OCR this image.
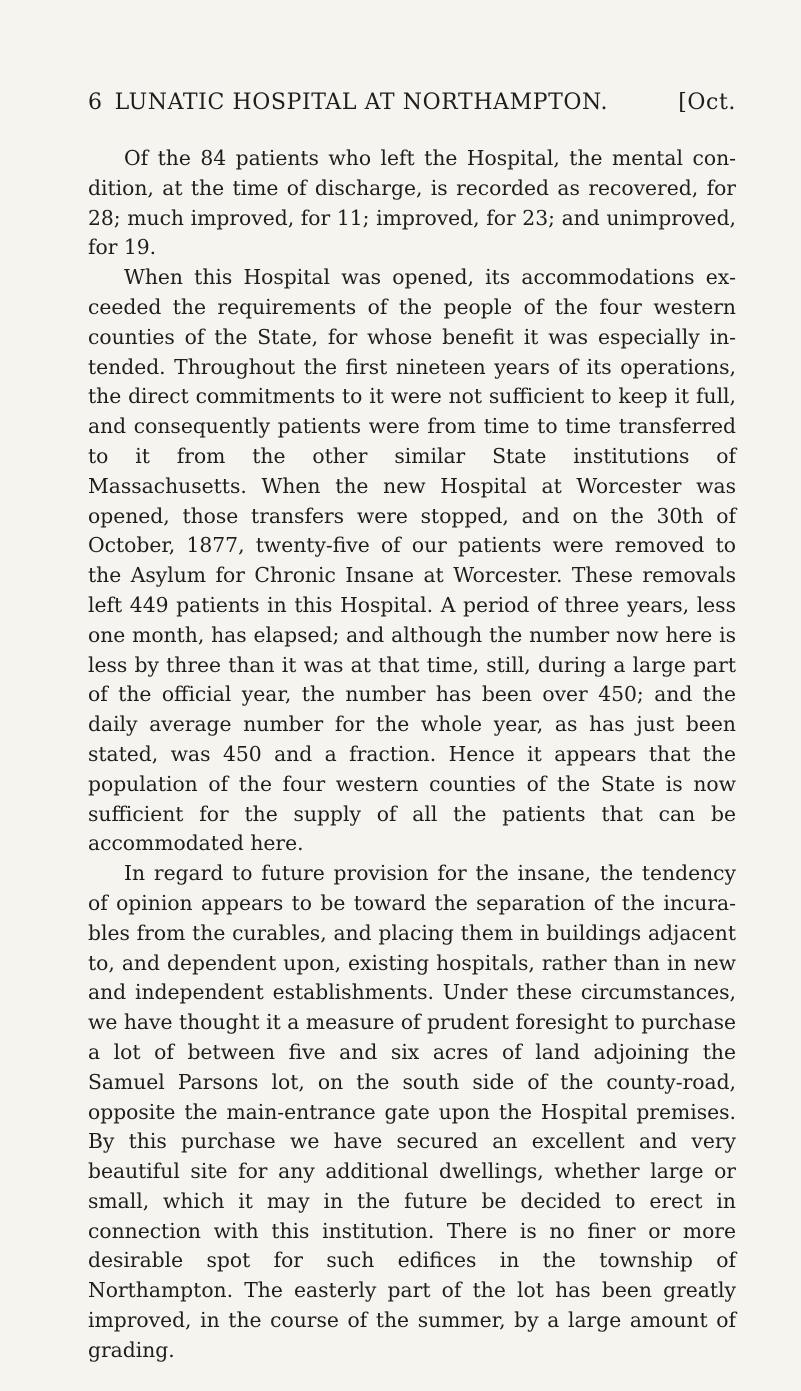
6 LUNATIC HOSPITAL AT NORTHAMPTON.	[Oct.

Of the 84 patients who left the Hospital, the mental condition, at the time of discharge, is recorded as recovered, for 28; much improved, for 11; improved, for 23; and unimproved, for 19.

When this Hospital was opened, its accommodations exceeded the requirements of the people of the four western counties of the State, for whose benefit it was especially intended. Throughout the first nineteen years of its operations, the direct commitments to it were not sufficient to keep it full, and consequently patients were from time to time transferred to it from the other similar State institutions of Massachusetts. When the new Hospital at Worcester was opened, those transfers were stopped, and on the 30th of October, 1877, twenty-five of our patients were removed to the Asylum for Chronic Insane at Worcester. These removals left 449 patients in this Hospital. A period of three years, less one month, has elapsed; and although the number now here is less by three than it was at that time, still, during a large part of the official year, the number has been over 450; and the daily average number for the whole year, as has just been stated, was 450 and a fraction. Hence it appears that the population of the four western counties of the State is now sufficient for the supply of all the patients that can be accommodated here.

In regard to future provision for the insane, the tendency of opinion appears to be toward the separation of the incurables from the curables, and placing them in buildings adjacent to, and dependent upon, existing hospitals, rather than in new and independent establishments. Under these circumstances, we have thought it a measure of prudent foresight to purchase a lot of between five and six acres of land adjoining the Samuel Parsons lot, on the south side of the county-road, opposite the main-entrance gate upon the Hospital premises. By this purchase we have secured an excellent and very beautiful site for any additional dwellings, whether large or small, which it may in the future be decided to erect in connection with this institution. There is no finer or more desirable spot for such edifices in the township of Northampton. The easterly part of the lot has been greatly improved, in the course of the summer, by a large amount of grading.
